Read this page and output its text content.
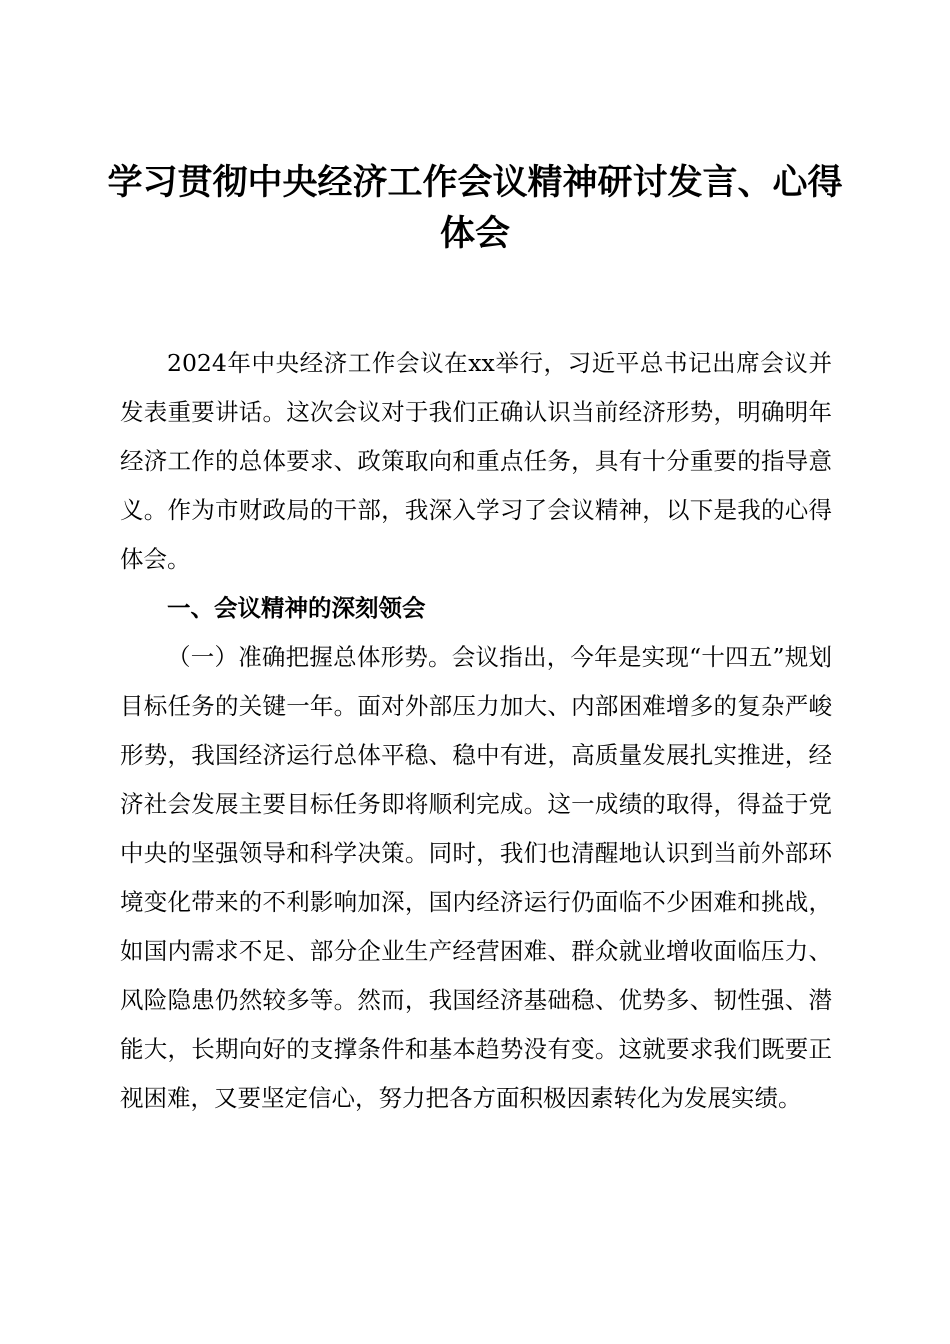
学习贯彻中央经济工作会议精神研讨发言、心得体会

2024年中央经济工作会议在xx举行，习近平总书记出席会议并发表重要讲话。这次会议对于我们正确认识当前经济形势，明确明年经济工作的总体要求、政策取向和重点任务，具有十分重要的指导意义。作为市财政局的干部，我深入学习了会议精神，以下是我的心得体会。

一、会议精神的深刻领会

（一）准确把握总体形势。会议指出，今年是实现“十四五”规划目标任务的关键一年。面对外部压力加大、内部困难增多的复杂严峻形势，我国经济运行总体平稳、稳中有进，高质量发展扎实推进，经济社会发展主要目标任务即将顺利完成。这一成绩的取得，得益于党中央的坚强领导和科学决策。同时，我们也清醒地认识到当前外部环境变化带来的不利影响加深，国内经济运行仍面临不少困难和挑战，如国内需求不足、部分企业生产经营困难、群众就业增收面临压力、风险隐患仍然较多等。然而，我国经济基础稳、优势多、韧性强、潜能大，长期向好的支撑条件和基本趋势没有变。这就要求我们既要正视困难，又要坚定信心，努力把各方面积极因素转化为发展实绩。
